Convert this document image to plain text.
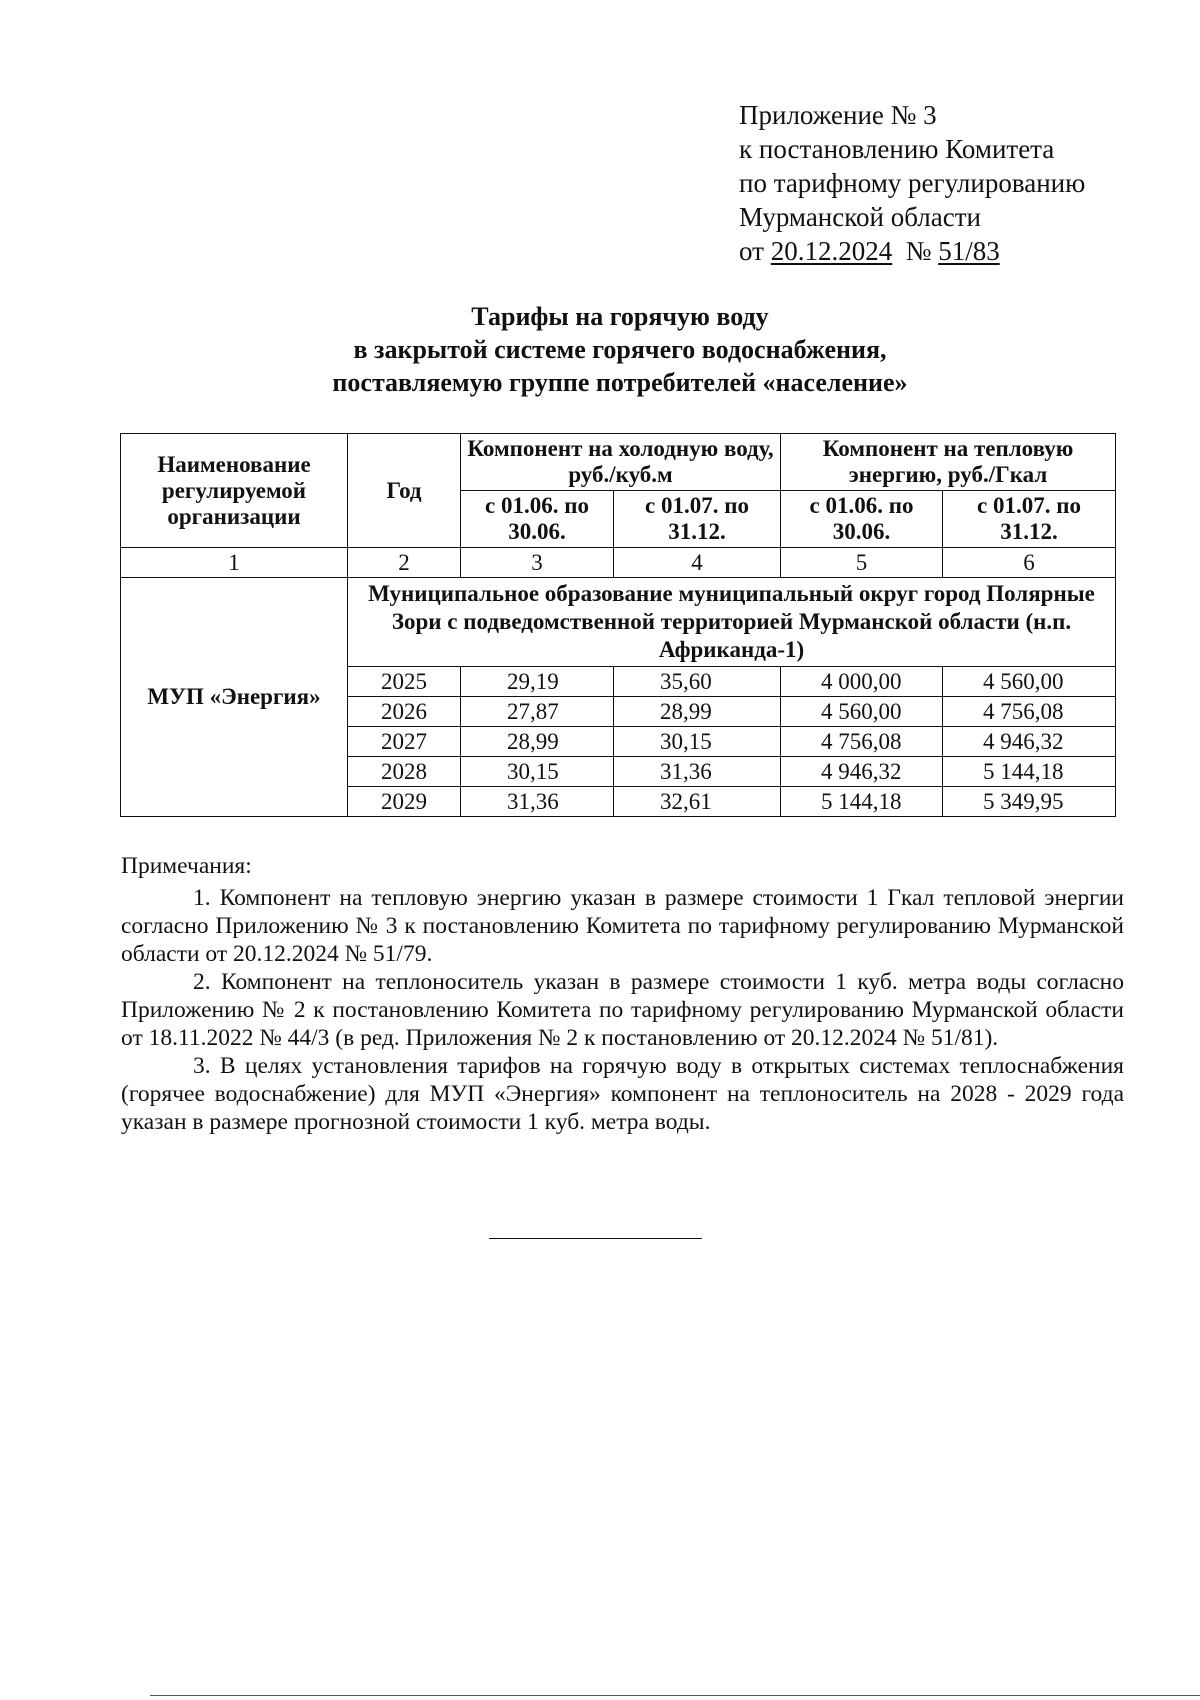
Приложение № 3
к постановлению Комитета
по тарифному регулированию
Мурманской области
от 20.12.2024 № 51/83
Тарифы на горячую воду
в закрытой системе горячего водоснабжения,
поставляемую группе потребителей «население»
Наименование регулируемой организации	Год	Компонент на холодную воду, руб./куб.м		Компонент на тепловую энергию, руб./Гкал	
		с 01.06. по 30.06.	с 01.07. по 31.12.	с 01.06. по 30.06.	с 01.07. по 31.12.
1	2	3	4	5	6
МУП «Энергия»	Муниципальное образование муниципальный округ город Полярные Зори с подведомственной территорией Мурманской области (н.п. Африканда-1)				
	2025	29,19	35,60	4 000,00	4 560,00
	2026	27,87	28,99	4 560,00	4 756,08
	2027	28,99	30,15	4 756,08	4 946,32
	2028	30,15	31,36	4 946,32	5 144,18
	2029	31,36	32,61	5 144,18	5 349,95
Примечания:

1. Компонент на тепловую энергию указан в размере стоимости 1 Гкал тепловой энергии согласно Приложению № 3 к постановлению Комитета по тарифному регулированию Мурманской области от 20.12.2024 № 51/79.

2. Компонент на теплоноситель указан в размере стоимости 1 куб. метра воды согласно Приложению № 2 к постановлению Комитета по тарифному регулированию Мурманской области от 18.11.2022 № 44/3 (в ред. Приложения № 2 к постановлению от 20.12.2024 № 51/81).

3. В целях установления тарифов на горячую воду в открытых системах теплоснабжения (горячее водоснабжение) для МУП «Энергия» компонент на теплоноситель на 2028 - 2029 года указан в размере прогнозной стоимости 1 куб. метра воды.
